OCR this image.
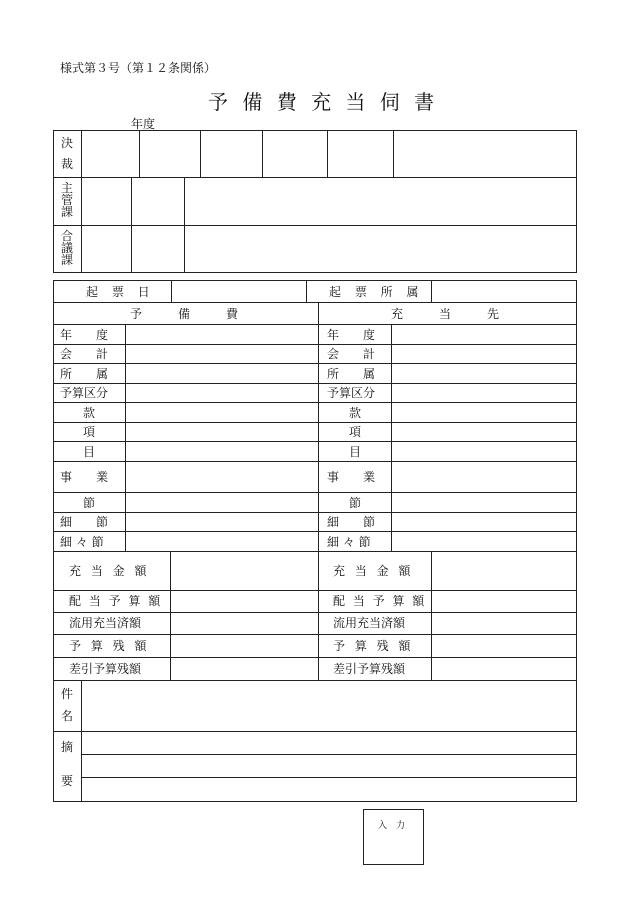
様式第３号（第１２条関係）
予 備 費 充 当 伺 書
年度
決
裁
主
管
課
合
議
課
起 票 日	起 票 所 属
予　　　備　　　費	充　　　当　　　先
年　　度
会　　計
所　　属
予算区分
款
項
目
事　　業
節
細　　節
細 々 節
年　　度
会　　計
所　　属
予算区分
款
項
目
事　　業
節
細　　節
細 々 節
充 当 金 額
配 当 予 算 額
流用充当済額
予 算 残 額
差引予算残額
充 当 金 額
配 当 予 算 額
流用充当済額
予 算 残 額
差引予算残額
件
名
摘
要
入　力
